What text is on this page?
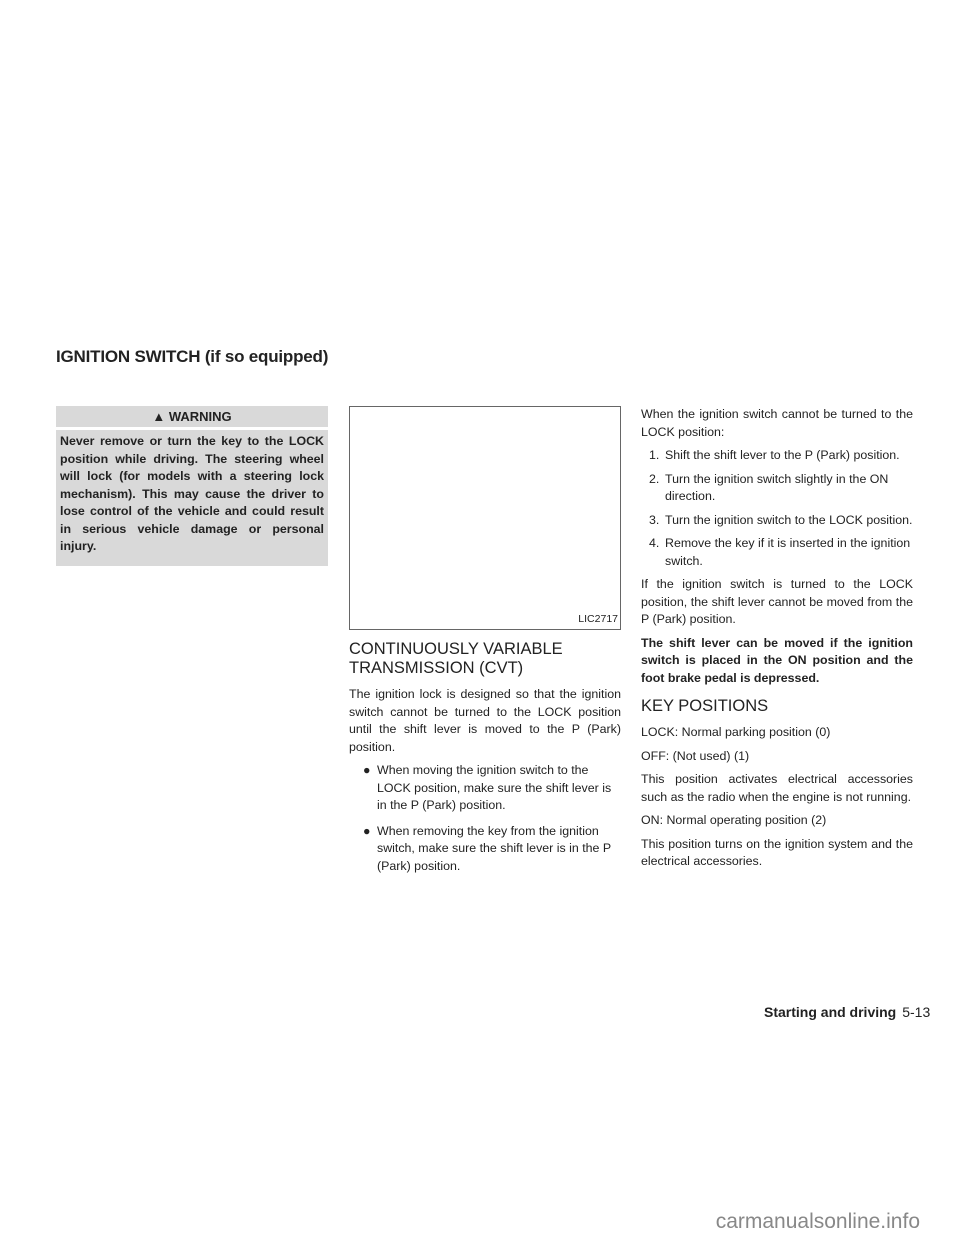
IGNITION SWITCH (if so equipped)
▲ WARNING
Never remove or turn the key to the LOCK position while driving. The steering wheel will lock (for models with a steering lock mechanism). This may cause the driver to lose control of the vehicle and could result in serious vehicle damage or personal injury.
LIC2717
CONTINUOUSLY VARIABLE TRANSMISSION (CVT)

The ignition lock is designed so that the ignition switch cannot be turned to the LOCK position until the shift lever is moved to the P (Park) position.

● When moving the ignition switch to the LOCK position, make sure the shift lever is in the P (Park) position.
● When removing the key from the ignition switch, make sure the shift lever is in the P (Park) position.

When the ignition switch cannot be turned to the LOCK position:

1. Shift the shift lever to the P (Park) position.
2. Turn the ignition switch slightly in the ON direction.
3. Turn the ignition switch to the LOCK position.
4. Remove the key if it is inserted in the ignition switch.

If the ignition switch is turned to the LOCK position, the shift lever cannot be moved from the P (Park) position.

The shift lever can be moved if the ignition switch is placed in the ON position and the foot brake pedal is depressed.

KEY POSITIONS

LOCK: Normal parking position (0)

OFF: (Not used) (1)

This position activates electrical accessories such as the radio when the engine is not running.

ON: Normal operating position (2)

This position turns on the ignition system and the electrical accessories.

Starting and driving 5-13
carmanualsonline.info
